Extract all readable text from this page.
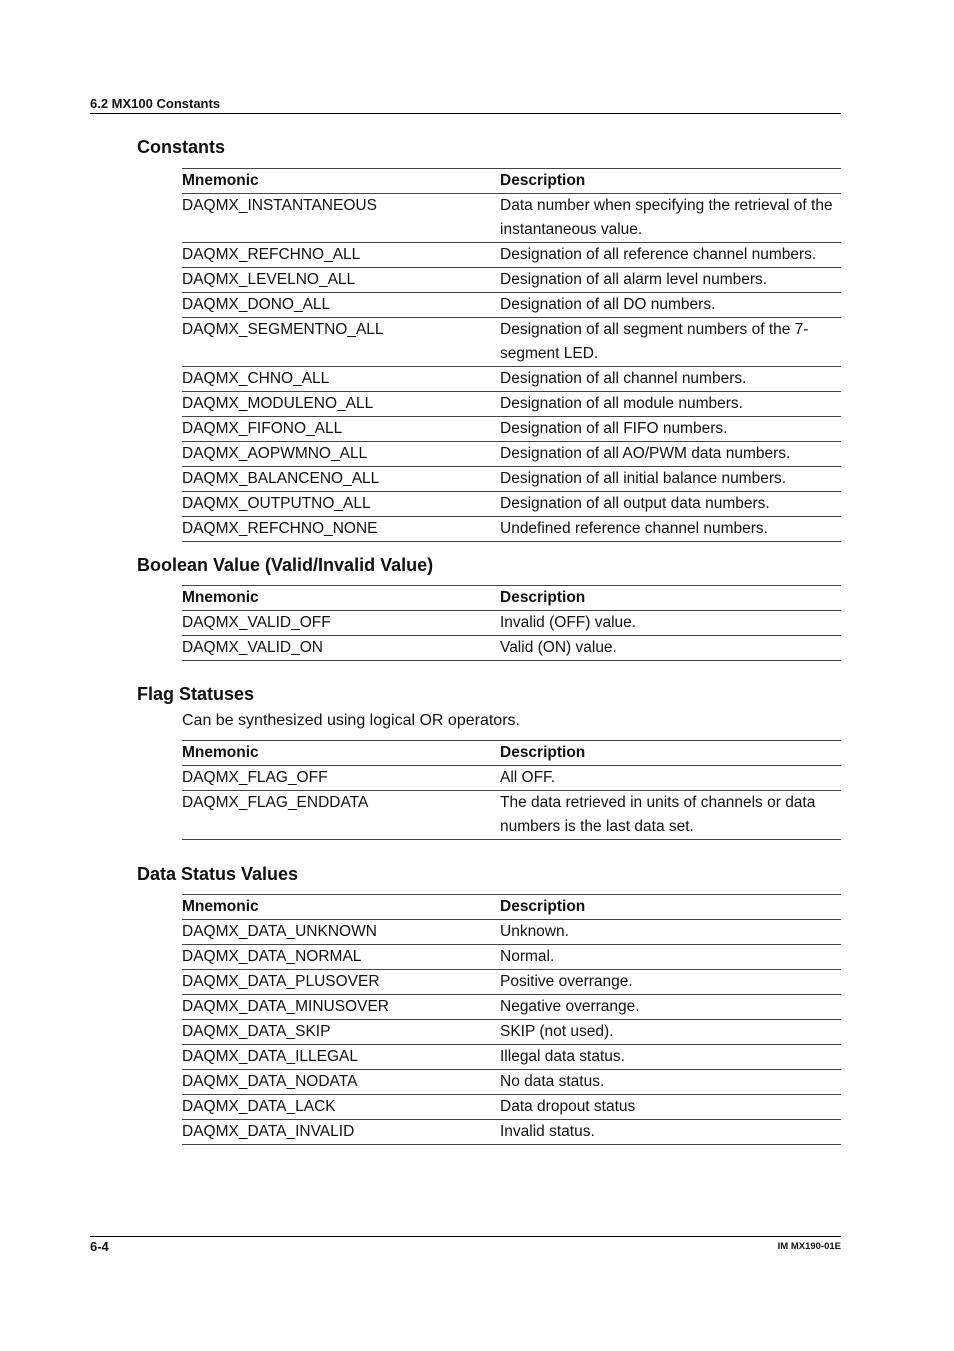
6.2 MX100 Constants
Constants
Mnemonic	Description
DAQMX_INSTANTANEOUS	Data number when specifying the retrieval of the instantaneous value.
DAQMX_REFCHNO_ALL	Designation of all reference channel numbers.
DAQMX_LEVELNO_ALL	Designation of all alarm level numbers.
DAQMX_DONO_ALL	Designation of all DO numbers.
DAQMX_SEGMENTNO_ALL	Designation of all segment numbers of the 7-segment LED.
DAQMX_CHNO_ALL	Designation of all channel numbers.
DAQMX_MODULENO_ALL	Designation of all module numbers.
DAQMX_FIFONO_ALL	Designation of all FIFO numbers.
DAQMX_AOPWMNO_ALL	Designation of all AO/PWM data numbers.
DAQMX_BALANCENO_ALL	Designation of all initial balance numbers.
DAQMX_OUTPUTNO_ALL	Designation of all output data numbers.
DAQMX_REFCHNO_NONE	Undefined reference channel numbers.
Boolean Value (Valid/Invalid Value)
Mnemonic	Description
DAQMX_VALID_OFF	Invalid (OFF) value.
DAQMX_VALID_ON	Valid (ON) value.
Flag Statuses
Can be synthesized using logical OR operators.
Mnemonic	Description
DAQMX_FLAG_OFF	All OFF.
DAQMX_FLAG_ENDDATA	The data retrieved in units of channels or data numbers is the last data set.
Data Status Values
Mnemonic	Description
DAQMX_DATA_UNKNOWN	Unknown.
DAQMX_DATA_NORMAL	Normal.
DAQMX_DATA_PLUSOVER	Positive overrange.
DAQMX_DATA_MINUSOVER	Negative overrange.
DAQMX_DATA_SKIP	SKIP (not used).
DAQMX_DATA_ILLEGAL	Illegal data status.
DAQMX_DATA_NODATA	No data status.
DAQMX_DATA_LACK	Data dropout status
DAQMX_DATA_INVALID	Invalid status.
6-4	IM MX190-01E
